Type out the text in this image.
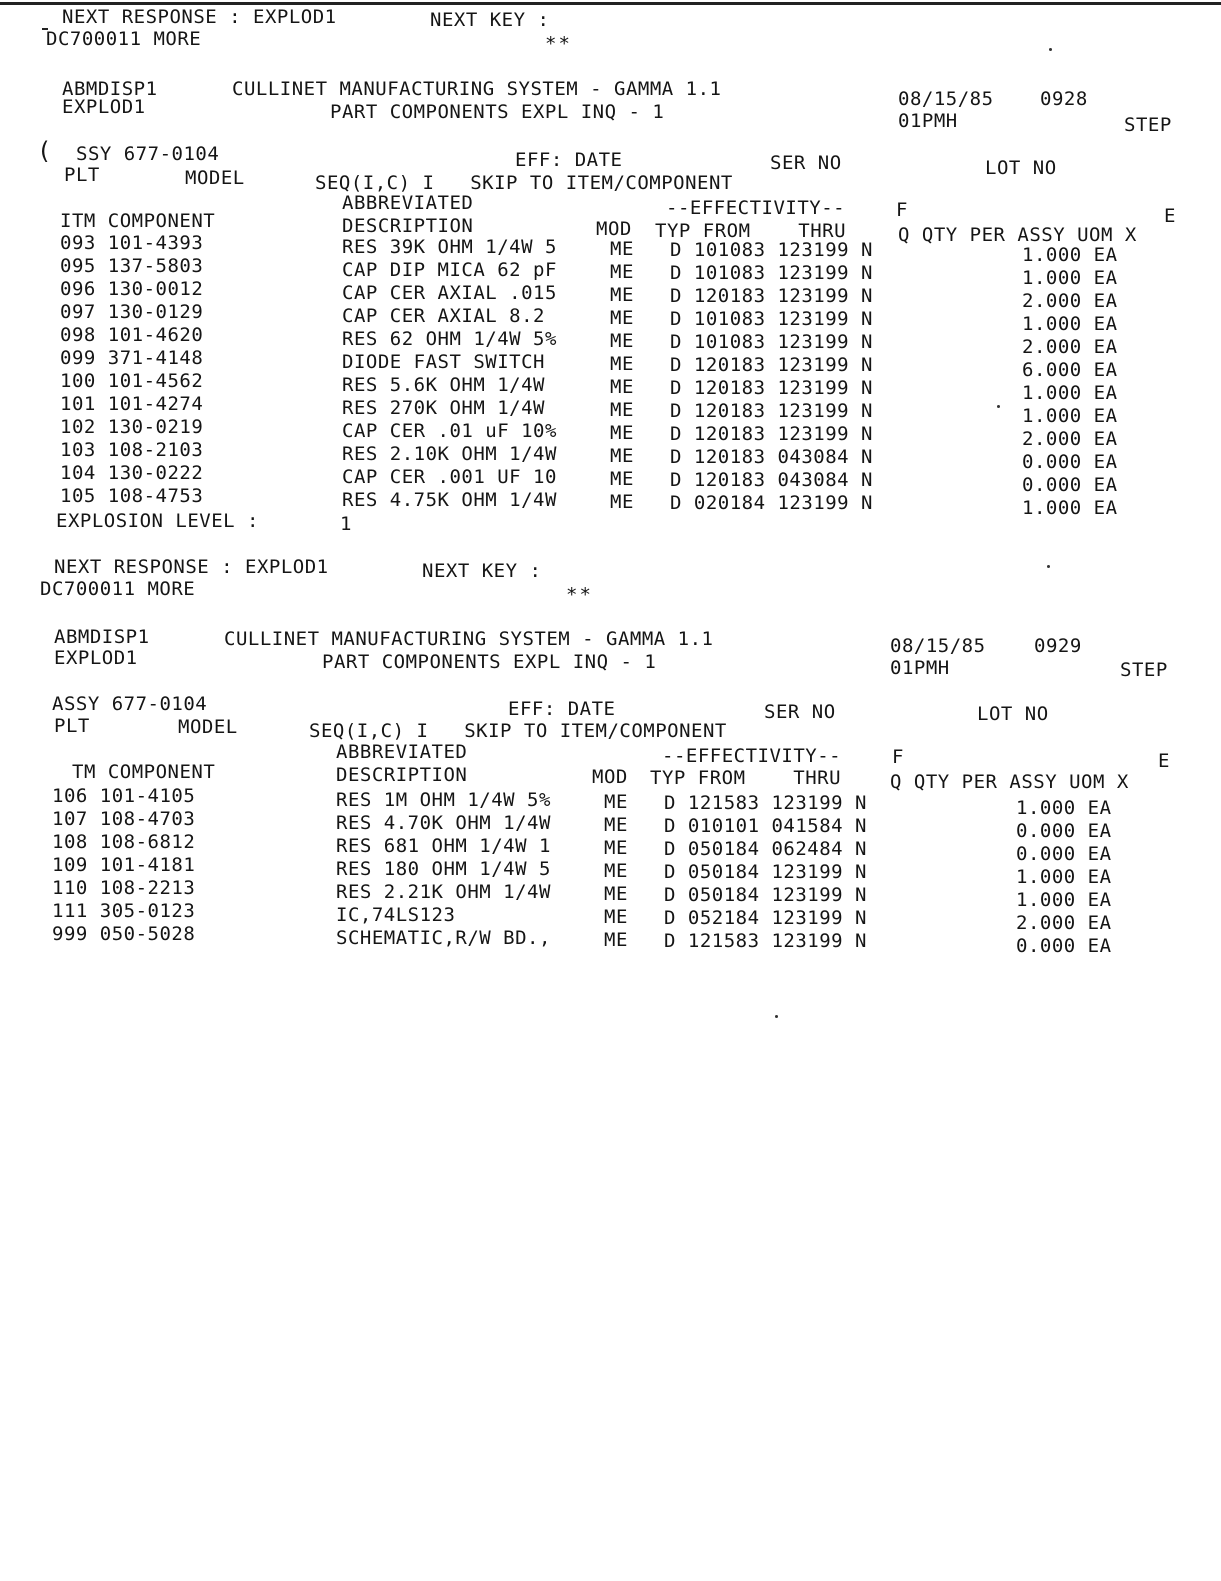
NEXT RESPONSE : EXPLOD1	NEXT KEY :
DC700011 MORE	**
ABMDISP1	CULLINET MANUFACTURING SYSTEM - GAMMA 1.1	08/15/85 0928
EXPLOD1	PART COMPONENTS EXPL INQ - 1	01PMH	STEP
( SSY 677-0104	EFF: DATE	SER NO	LOT NO
PLT	MODEL	SEQ(I,C) I   SKIP TO ITEM/COMPONENT
ABBREVIATED	--EFFECTIVITY--	F	E
ITM COMPONENT	DESCRIPTION	MOD TYP FROM    THRU	Q QTY PER ASSY UOM X
093 101-4393	RES 39K OHM 1/4W 5	ME D 101083 123199 N	1.000 EA
095 137-5803	CAP DIP MICA 62 pF	ME D 101083 123199 N	1.000 EA
096 130-0012	CAP CER AXIAL .015	ME D 120183 123199 N	2.000 EA
097 130-0129	CAP CER AXIAL 8.2	ME D 101083 123199 N	1.000 EA
098 101-4620	RES 62 OHM 1/4W 5%	ME D 101083 123199 N	2.000 EA
099 371-4148	DIODE FAST SWITCH	ME D 120183 123199 N	6.000 EA
100 101-4562	RES 5.6K OHM 1/4W	ME D 120183 123199 N	1.000 EA
101 101-4274	RES 270K OHM 1/4W	ME D 120183 123199 N	1.000 EA
102 130-0219	CAP CER .01 uF 10%	ME D 120183 123199 N	2.000 EA
103 108-2103	RES 2.10K OHM 1/4W	ME D 120183 043084 N	0.000 EA
104 130-0222	CAP CER .001 UF 10	ME D 120183 043084 N	0.000 EA
105 108-4753	RES 4.75K OHM 1/4W	ME D 020184 123199 N	1.000 EA
EXPLOSION LEVEL :	1
NEXT RESPONSE : EXPLOD1	NEXT KEY :
DC700011 MORE	**
ABMDISP1	CULLINET MANUFACTURING SYSTEM - GAMMA 1.1	08/15/85	0929
EXPLOD1	PART COMPONENTS EXPL INQ - 1	01PMH	STEP
ASSY 677-0104	EFF: DATE	SER NO	LOT NO
PLT	MODEL	SEQ(I,C) I   SKIP TO ITEM/COMPONENT
ABBREVIATED	--EFFECTIVITY--	F	E
TM COMPONENT	DESCRIPTION	MOD TYP FROM    THRU	Q QTY PER ASSY UOM X
106 101-4105	RES 1M OHM 1/4W 5%	ME D 121583 123199 N	1.000 EA
107 108-4703	RES 4.70K OHM 1/4W	ME D 010101 041584 N	0.000 EA
108 108-6812	RES 681 OHM 1/4W 1	ME D 050184 062484 N	0.000 EA
109 101-4181	RES 180 OHM 1/4W 5	ME D 050184 123199 N	1.000 EA
110 108-2213	RES 2.21K OHM 1/4W	ME D 050184 123199 N	1.000 EA
111 305-0123	IC,74LS123	ME D 052184 123199 N	2.000 EA
999 050-5028	SCHEMATIC,R/W BD.,	ME D 121583 123199 N	0.000 EA
